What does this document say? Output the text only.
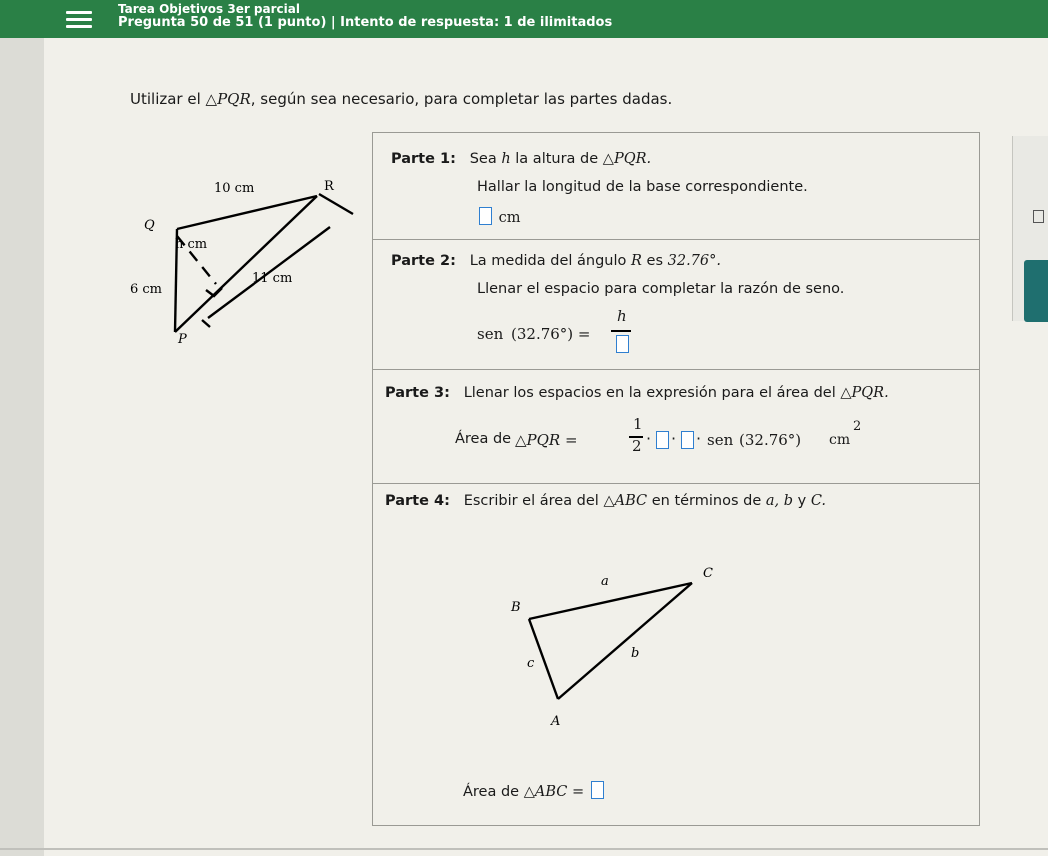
Tarea Objetivos 3er parcial
Pregunta 50 de 51 (1 punto) | Intento de respuesta: 1 de ilimitados
Utilizar el △PQR, según sea necesario, para completar las partes dadas.
10 cm	R
Q
h cm
11 cm
6 cm
P
Parte 1: Sea h la altura de △PQR.
Hallar la longitud de la base correspondiente.
cm
Parte 2: La medida del ángulo R es 32.76°.
Llenar el espacio para completar la razón de seno.
sen (32.76°) =
h
Parte 3: Llenar los espacios en la expresión para el área del △PQR.
Área de △PQR =
1
2 · · · sen (32.76°) cm
2
Parte 4: Escribir el área del △ABC en términos de a, b y C.
a
C
B
b
c
A
Área de △ABC =
